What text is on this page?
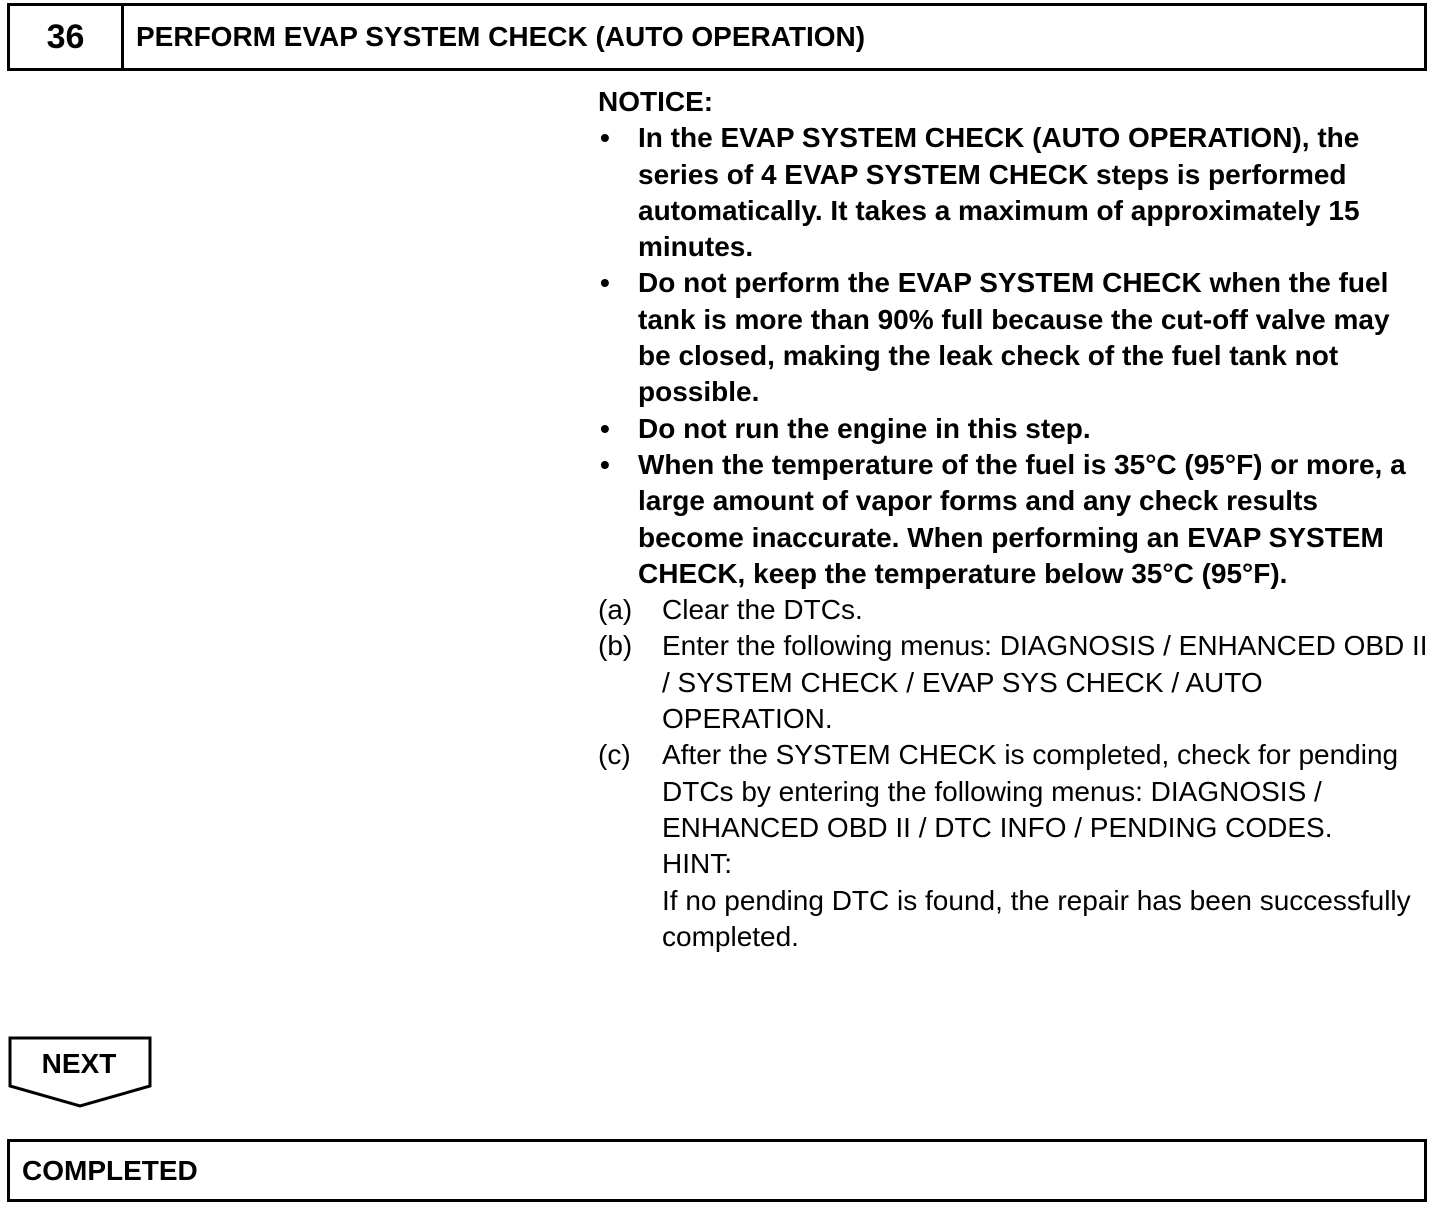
36	PERFORM EVAP SYSTEM CHECK (AUTO OPERATION)
NOTICE:
•	In the EVAP SYSTEM CHECK (AUTO OPERATION), the series of 4 EVAP SYSTEM CHECK steps is performed automatically. It takes a maximum of approximately 15 minutes.
•	Do not perform the EVAP SYSTEM CHECK when the fuel tank is more than 90% full because the cut-off valve may be closed, making the leak check of the fuel tank not possible.
•	Do not run the engine in this step.
•	When the temperature of the fuel is 35°C (95°F) or more, a large amount of vapor forms and any check results become inaccurate. When performing an EVAP SYSTEM CHECK, keep the temperature below 35°C (95°F).
(a)	Clear the DTCs.
(b)	Enter the following menus: DIAGNOSIS / ENHANCED OBD II / SYSTEM CHECK / EVAP SYS CHECK / AUTO OPERATION.
(c)	After the SYSTEM CHECK is completed, check for pending DTCs by entering the following menus: DIAGNOSIS / ENHANCED OBD II / DTC INFO / PENDING CODES.
HINT:
If no pending DTC is found, the repair has been successfully completed.
NEXT
COMPLETED
